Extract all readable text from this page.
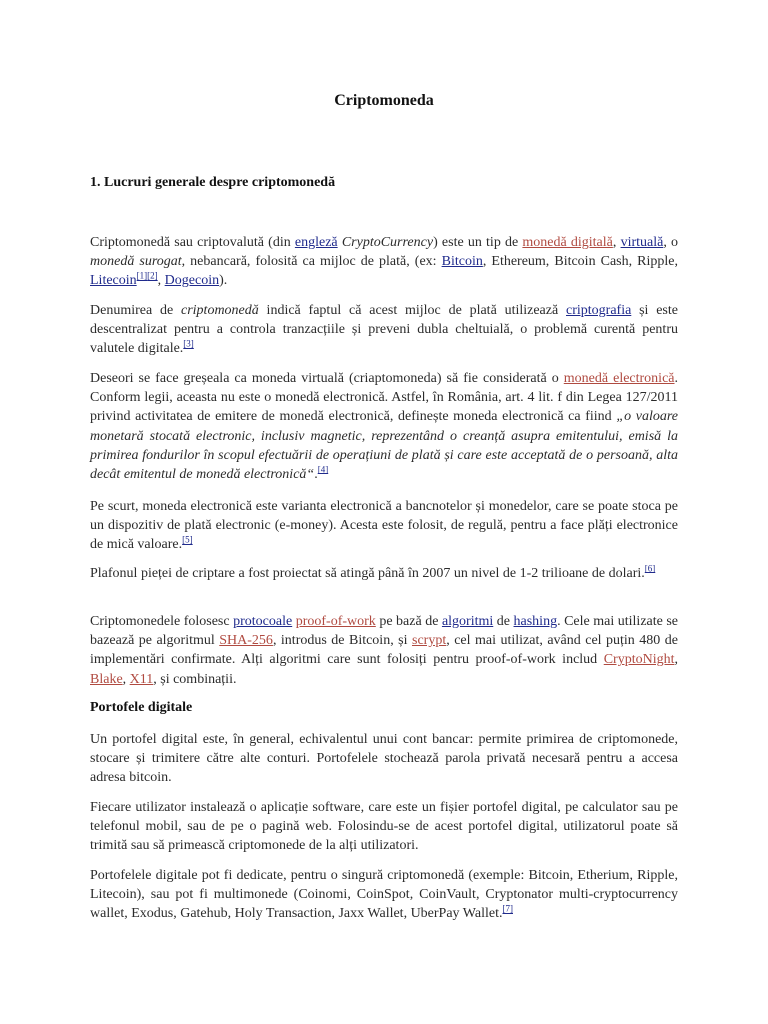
Criptomoneda
1. Lucruri generale despre criptomonedă

Criptomonedă sau criptovalută (din engleză CryptoCurrency) este un tip de monedă digitală, virtuală, o monedă surogat, nebancară, folosită ca mijloc de plată, (ex: Bitcoin, Ethereum, Bitcoin Cash, Ripple, Litecoin[1][2], Dogecoin).

Denumirea de criptomonedă indică faptul că acest mijloc de plată utilizează criptografia și este descentralizat pentru a controla tranzacțiile și preveni dubla cheltuială, o problemă curentă pentru valutele digitale.[3]

Deseori se face greșeala ca moneda virtuală (criaptomoneda) să fie considerată o monedă electronică. Conform legii, aceasta nu este o monedă electronică. Astfel, în România, art. 4 lit. f din Legea 127/2011 privind activitatea de emitere de monedă electronică, definește moneda electronică ca fiind „o valoare monetară stocată electronic, inclusiv magnetic, reprezentând o creanță asupra emitentului, emisă la primirea fondurilor în scopul efectuării de operațiuni de plată și care este acceptată de o persoană, alta decât emitentul de monedă electronică“.[4]

Pe scurt, moneda electronică este varianta electronică a bancnotelor și monedelor, care se poate stoca pe un dispozitiv de plată electronic (e-money). Acesta este folosit, de regulă, pentru a face plăți electronice de mică valoare.[5]

Plafonul pieței de criptare a fost proiectat să atingă până în 2007 un nivel de 1-2 trilioane de dolari.[6]

Criptomonedele folosesc protocoale proof-of-work pe bază de algoritmi de hashing. Cele mai utilizate se bazează pe algoritmul SHA-256, introdus de Bitcoin, și scrypt, cel mai utilizat, având cel puțin 480 de implementări confirmate. Alți algoritmi care sunt folosiți pentru proof-of-work includ CryptoNight, Blake, X11, și combinații.

Portofele digitale

Un portofel digital este, în general, echivalentul unui cont bancar: permite primirea de criptomonede, stocare și trimitere către alte conturi. Portofelele stochează parola privată necesară pentru a accesa adresa bitcoin.

Fiecare utilizator instalează o aplicație software, care este un fișier portofel digital, pe calculator sau pe telefonul mobil, sau de pe o pagină web. Folosindu-se de acest portofel digital, utilizatorul poate să trimită sau să primească criptomonede de la alți utilizatori.

Portofelele digitale pot fi dedicate, pentru o singură criptomonedă (exemple: Bitcoin, Etherium, Ripple, Litecoin), sau pot fi multimonede (Coinomi, CoinSpot, CoinVault, Cryptonator multi-cryptocurrency wallet, Exodus, Gatehub, Holy Transaction, Jaxx Wallet, UberPay Wallet.[7]
